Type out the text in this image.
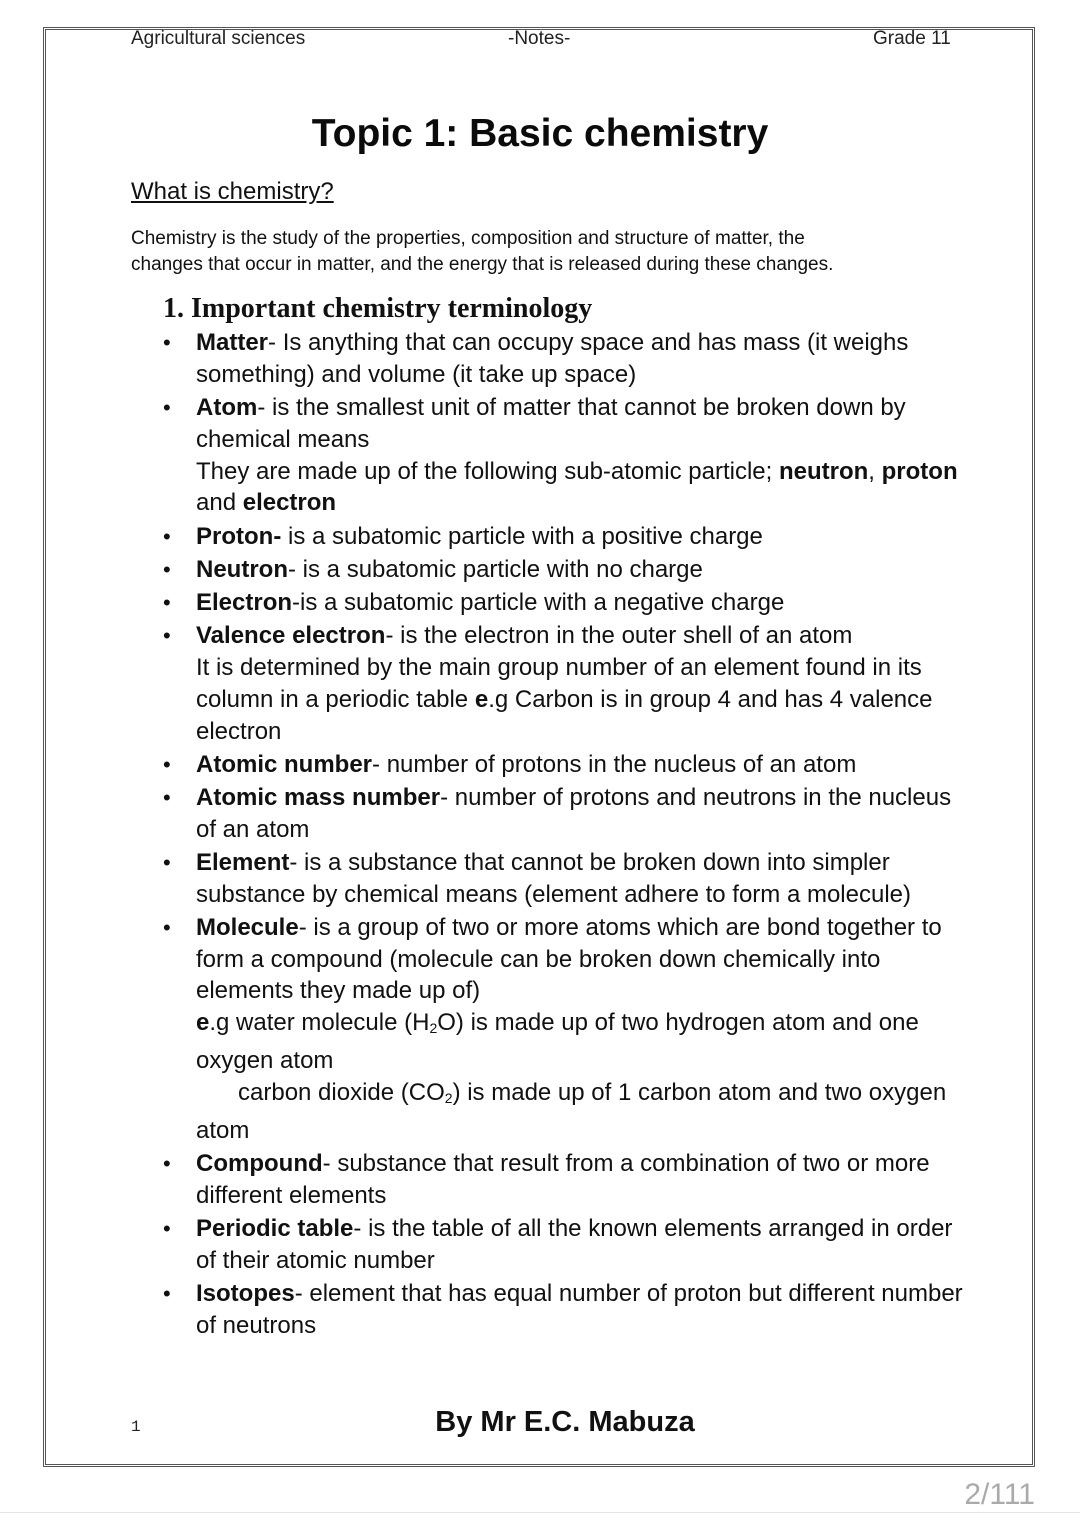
Agricultural sciences	-Notes-	Grade 11
Topic 1: Basic chemistry
What is chemistry?
Chemistry is the study of the properties, composition and structure of matter, the
changes that occur in matter, and the energy that is released during these changes.
1. Important chemistry terminology
• Matter- Is anything that can occupy space and has mass (it weighs something) and volume (it take up space)
• Atom- is the smallest unit of matter that cannot be broken down by chemical means
They are made up of the following sub-atomic particle; neutron, proton and electron
• Proton- is a subatomic particle with a positive charge
• Neutron- is a subatomic particle with no charge
• Electron-is a subatomic particle with a negative charge
• Valence electron- is the electron in the outer shell of an atom
It is determined by the main group number of an element found in its column in a periodic table e.g Carbon is in group 4 and has 4 valence electron
• Atomic number- number of protons in the nucleus of an atom
• Atomic mass number- number of protons and neutrons in the nucleus of an atom
• Element- is a substance that cannot be broken down into simpler substance by chemical means (element adhere to form a molecule)
• Molecule- is a group of two or more atoms which are bond together to form a compound (molecule can be broken down chemically into elements they made up of)
e.g water molecule $(H_2O)$ is made up of two hydrogen atom and one oxygen atom
carbon dioxide $(CO_2)$ is made up of 1 carbon atom and two oxygen atom
• Compound- substance that result from a combination of two or more different elements
• Periodic table- is the table of all the known elements arranged in order of their atomic number
• Isotopes- element that has equal number of proton but different number of neutrons
1	By Mr E.C. Mabuza
2/111
